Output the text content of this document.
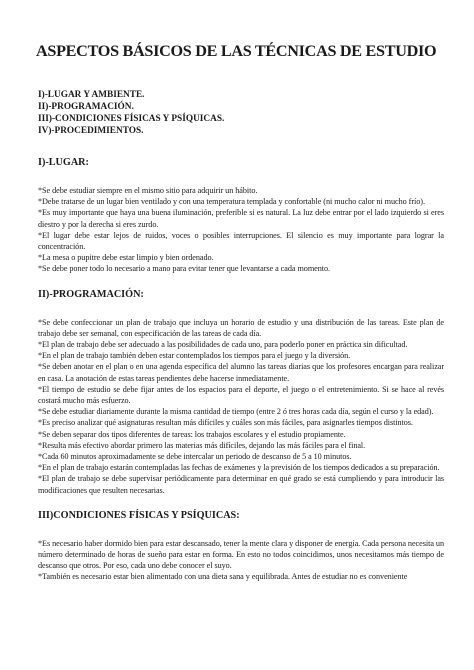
ASPECTOS BÁSICOS DE LAS TÉCNICAS DE ESTUDIO
I)-LUGAR Y AMBIENTE.
II)-PROGRAMACIÓN.
III)-CONDICIONES FÍSICAS Y PSÍQUICAS.
IV)-PROCEDIMIENTOS.
I)-LUGAR:

*Se debe estudiar siempre en el mismo sitio para adquirir un hábito.

*Debe tratarse de un lugar bien ventilado y con una temperatura templada y confortable (ni mucho calor ni mucho frío).

*Es muy importante que haya una buena iluminación, preferible si es natural. La luz debe entrar por el lado izquierdo si eres diestro y por la derecha si eres zurdo.

*El lugar debe estar lejos de ruidos, voces o posibles interrupciones. El silencio es muy importante para lograr la concentración.

*La mesa o pupitre debe estar limpio y bien ordenado.

*Se debe poner todo lo necesario a mano para evitar tener que levantarse a cada momento.

II)-PROGRAMACIÓN:

*Se debe confeccionar un plan de trabajo que incluya un horario de estudio y una distribución de las tareas. Este plan de trabajo debe ser semanal, con especificación de las tareas de cada día.

*El plan de trabajo debe ser adecuado a las posibilidades de cada uno, para poderlo poner en práctica sin dificultad.

*En el plan de trabajo también deben estar contemplados los tiempos para el juego y la diversión.

*Se deben anotar en el plan o en una agenda específica del alumno las tareas diarias que los profesores encargan para realizar en casa. La anotación de estas tareas pendientes debe hacerse inmediatamente.

*El tiempo de estudio se debe fijar antes de los espacios para el deporte, el juego o el entretenimiento. Si se hace al revés costará mucho más esfuerzo.

*Se debe estudiar diariamente durante la misma cantidad de tiempo (entre 2 ó tres horas cada día, según el curso y la edad).

*Es preciso analizar qué asignaturas resultan más difíciles y cuáles son más fáciles, para asignarles tiempos distintos.

*Se deben separar dos tipos diferentes de tareas: los trabajos escolares y el estudio propiamente.

*Resulta más efectivo abordar primero las materias más difíciles, dejando las más fáciles para el final.

*Cada 60 minutos aproximadamente se debe intercalar un periodo de descanso de 5 a 10 minutos.

*En el plan de trabajo estarán contempladas las fechas de exámenes y la previsión de los tiempos dedicados a su preparación.

*El plan de trabajo se debe supervisar periódicamente para determinar en qué grado se está cumpliendo y para introducir las modificaciones que resulten necesarias.

III)CONDICIONES FÍSICAS Y PSÍQUICAS:

*Es necesario haber dormido bien para estar descansado, tener la mente clara y disponer de energía. Cada persona necesita un número determinado de horas de sueño para estar en forma. En esto no todos coincidimos, unos necesitamos más tiempo de descanso que otros. Por eso, cada uno debe conocer el suyo.

*También es necesario estar bien alimentado con una dieta sana y equilibrada. Antes de estudiar no es conveniente
